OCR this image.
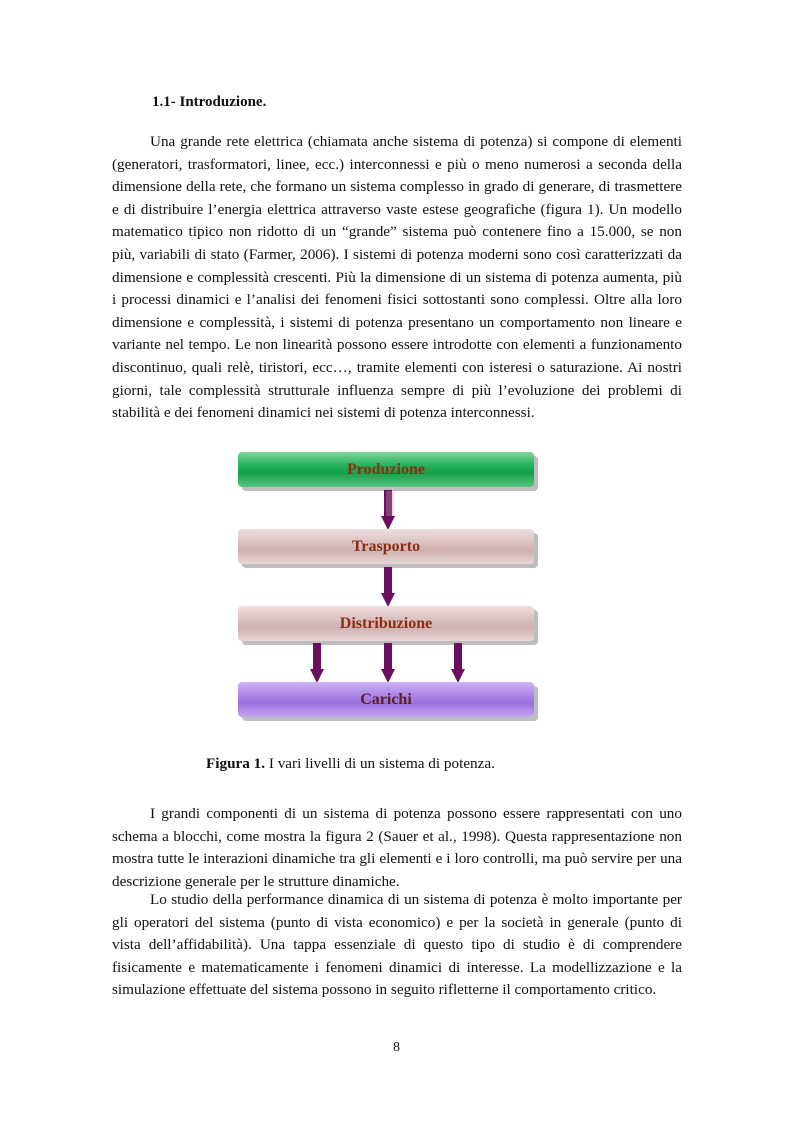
1.1- Introduzione.

Una grande rete elettrica (chiamata anche sistema di potenza) si compone di elementi (generatori, trasformatori, linee, ecc.) interconnessi e più o meno numerosi a seconda della dimensione della rete, che formano un sistema complesso in grado di generare, di trasmettere e di distribuire l’energia elettrica attraverso vaste estese geografiche (figura 1). Un modello matematico tipico non ridotto di un “grande” sistema può contenere fino a 15.000, se non più, variabili di stato (Farmer, 2006). I sistemi di potenza moderni sono così caratterizzati da dimensione e complessità crescenti. Più la dimensione di un sistema di potenza aumenta, più i processi dinamici e l’analisi dei fenomeni fisici sottostanti sono complessi. Oltre alla loro dimensione e complessità, i sistemi di potenza presentano un comportamento non lineare e variante nel tempo. Le non linearità possono essere introdotte con elementi a funzionamento discontinuo, quali relè, tiristori, ecc…, tramite elementi con isteresi o saturazione. Ai nostri giorni, tale complessità strutturale influenza sempre di più l’evoluzione dei problemi di stabilità e dei fenomeni dinamici nei sistemi di potenza interconnessi.

Produzione
Trasporto
Distribuzione
Carichi
Figura 1. I vari livelli di un sistema di potenza.

I grandi componenti di un sistema di potenza possono essere rappresentati con uno schema a blocchi, come mostra la figura 2 (Sauer et al., 1998). Questa rappresentazione non mostra tutte le interazioni dinamiche tra gli elementi e i loro controlli, ma può servire per una descrizione generale per le strutture dinamiche.

Lo studio della performance dinamica di un sistema di potenza è molto importante per gli operatori del sistema (punto di vista economico) e per la società in generale (punto di vista dell’affidabilità). Una tappa essenziale di questo tipo di studio è di comprendere fisicamente e matematicamente i fenomeni dinamici di interesse. La modellizzazione e la simulazione effettuate del sistema possono in seguito rifletterne il comportamento critico.

8
